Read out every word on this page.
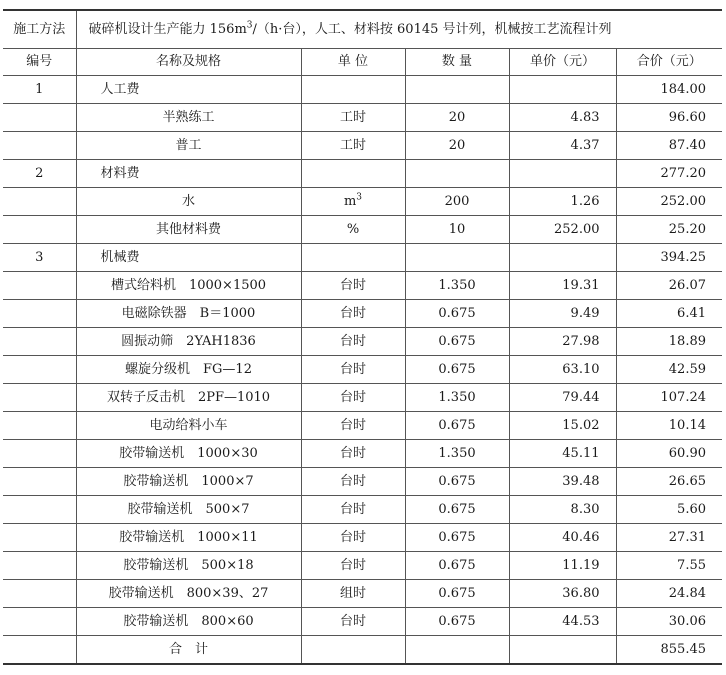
施工方法	破碎机设计生产能力 $156m^3/(h\cdot$台），人工、材料按 60145 号计列，机械按工艺流程计列				
编号	名称及规格	单 位	数 量	单价（元）	合价（元）
1	人工费				184.00
	半熟练工	工时	20	4.83	96.60
	普工	工时	20	4.37	87.40
2	材料费				277.20
	水	$m^3$	200	1.26	252.00
	其他材料费	%	10	252.00	25.20
3	机械费				394.25
	槽式给料机　1000×1500	台时	1.350	19.31	26.07
	电磁除铁器　B＝1000	台时	0.675	9.49	6.41
	圆振动筛　2YAH1836	台时	0.675	27.98	18.89
	螺旋分级机　FG—12	台时	0.675	63.10	42.59
	双转子反击机　2PF—1010	台时	1.350	79.44	107.24
	电动给料小车	台时	0.675	15.02	10.14
	胶带输送机　1000×30	台时	1.350	45.11	60.90
	胶带输送机　1000×7	台时	0.675	39.48	26.65
	胶带输送机　500×7	台时	0.675	8.30	5.60
	胶带输送机　1000×11	台时	0.675	40.46	27.31
	胶带输送机　500×18	台时	0.675	11.19	7.55
	胶带输送机　800×39、27	组时	0.675	36.80	24.84
	胶带输送机　800×60	台时	0.675	44.53	30.06
	合　计				855.45
